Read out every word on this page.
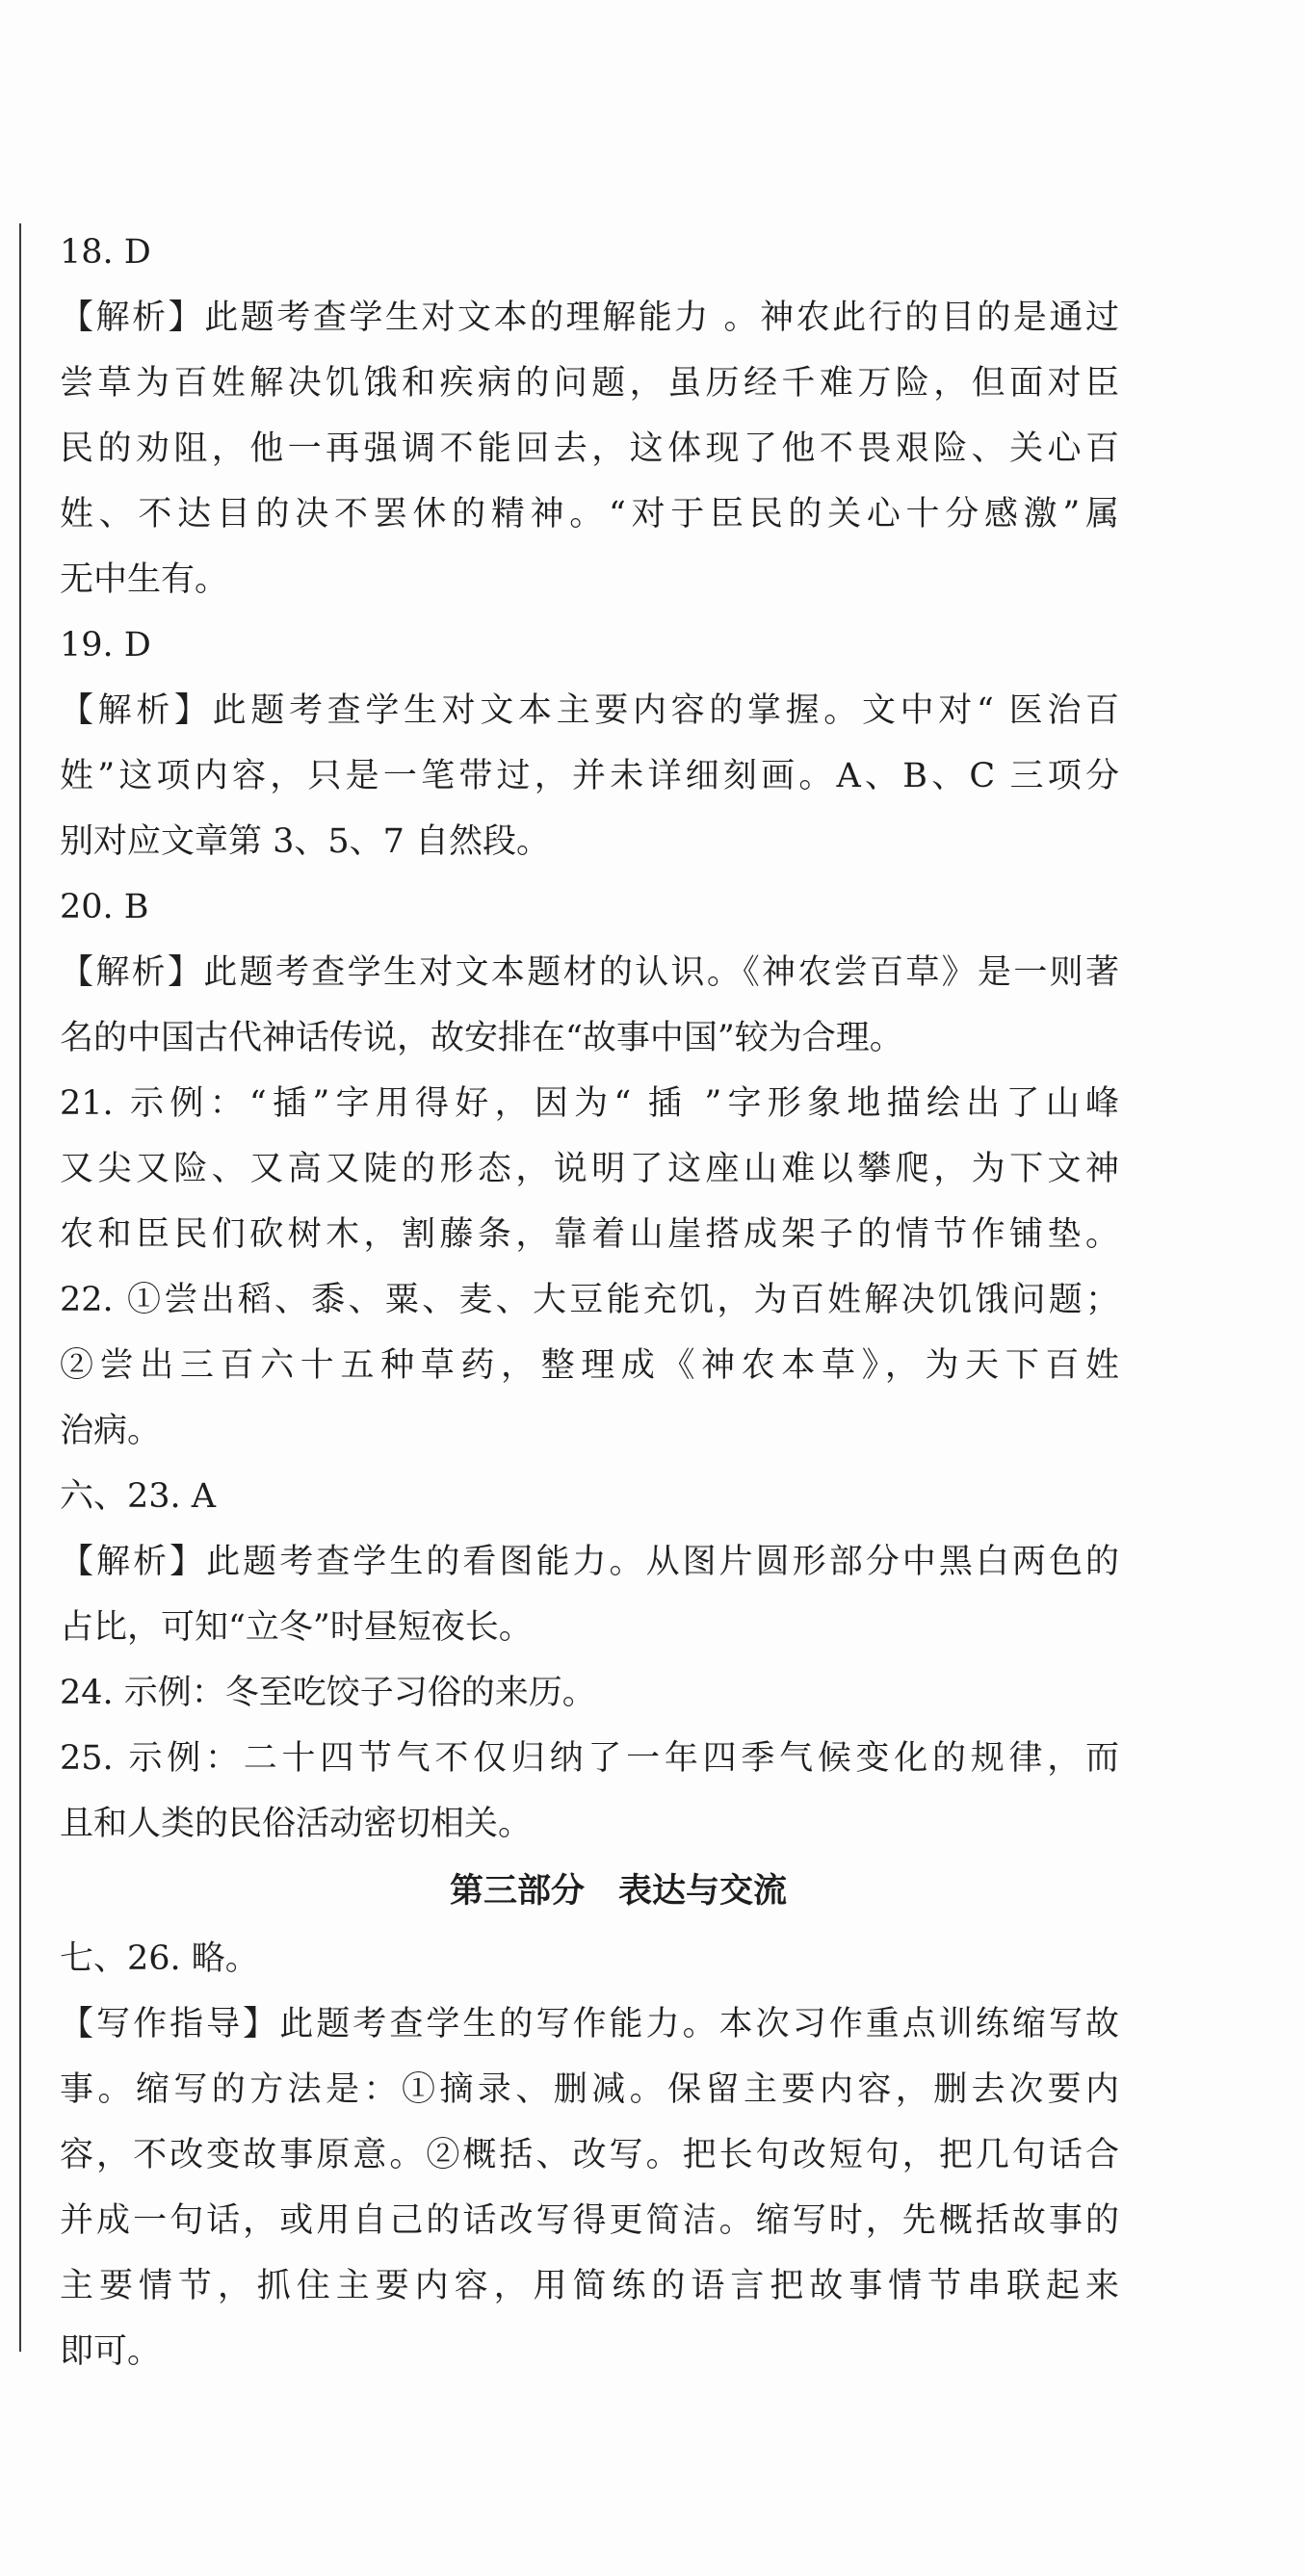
18. D
【解析】此题考查学生对文本的理解能力 。神农此行的目的是通过
尝草为百姓解决饥饿和疾病的问题，虽历经千难万险，但面对臣
民的劝阻，他一再强调不能回去，这体现了他不畏艰险、关心百
姓、不达目的决不罢休的精神。“对于臣民的关心十分感激”属
无中生有。
19. D
【解析】此题考查学生对文本主要内容的掌握。文中对“ 医治百
姓”这项内容，只是一笔带过，并未详细刻画。A、B、C 三项分
别对应文章第 3、5、7 自然段。
20. B
【解析】此题考查学生对文本题材的认识。《神农尝百草》是一则著
名的中国古代神话传说，故安排在“故事中国”较为合理。
21. 示例：“插”字用得好，因为“ 插 ”字形象地描绘出了山峰
又尖又险、又高又陡的形态，说明了这座山难以攀爬，为下文神
农和臣民们砍树木，割藤条，靠着山崖搭成架子的情节作铺垫。
22. ①尝出稻、黍、粟、麦、大豆能充饥，为百姓解决饥饿问题；
②尝出三百六十五种草药，整理成《神农本草》，为天下百姓
治病。
六、23. A
【解析】此题考查学生的看图能力。从图片圆形部分中黑白两色的
占比，可知“立冬”时昼短夜长。
24. 示例：冬至吃饺子习俗的来历。
25. 示例：二十四节气不仅归纳了一年四季气候变化的规律，而
且和人类的民俗活动密切相关。
第三部分　表达与交流
七、26. 略。
【写作指导】此题考查学生的写作能力。本次习作重点训练缩写故
事。缩写的方法是：①摘录、删减。保留主要内容，删去次要内
容，不改变故事原意。②概括、改写。把长句改短句，把几句话合
并成一句话，或用自己的话改写得更简洁。缩写时，先概括故事的
主要情节，抓住主要内容，用简练的语言把故事情节串联起来
即可。
